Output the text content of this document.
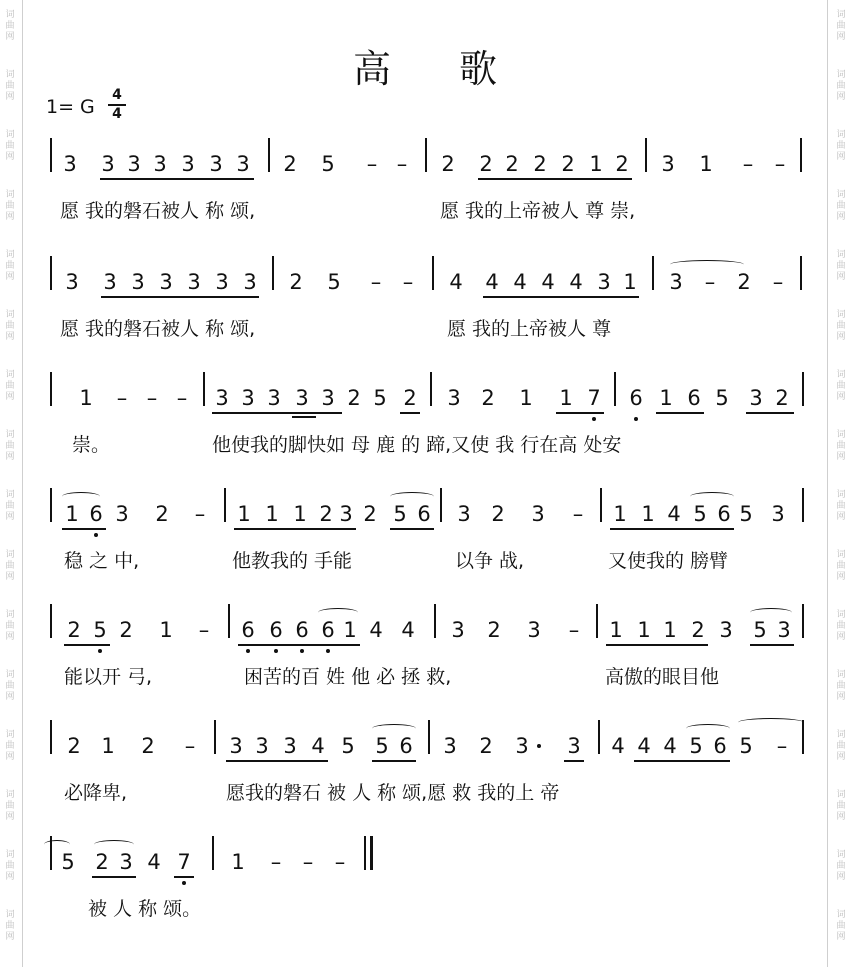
高 歌
1= G
4
4
3 3 3 3 3 3 3 2 5 – – 2 2 2 2 2 1 2 3 1 – –
愿 我的磐石被人 称 颂,	愿 我的上帝被人 尊 崇,
3 3 3 3 3 3 3 2 5 – – 4 4 4 4 4 3 1 3 – 2 –
愿 我的磐石被人 称 颂,	愿 我的上帝被人 尊
1 – – – 3 3 3 3 3 2 5 2 3 2 1 1 7 6 1 6 5 3 2
崇。	他使我的脚快如 母 鹿 的 蹄,又使 我 行在高 处安
1 6 3 2 – 1 1 1 2 3 2 5 6 3 2 3 – 1 1 4 5 6 5 3
稳 之 中,	他教我的 手能	以争 战,	又使我的 膀臂
2 5 2 1 – 6 6 6 6 1 4 4 3 2 3 – 1 1 1 2 3 5 3
能以开 弓,	困苦的百 姓 他 必 拯 救,	高傲的眼目他
2 1 2 – 3 3 3 4 5 5 6 3 2 3 3 4 4 4 5 6 5 –
必降卑,	愿我的磐石 被 人 称 颂,愿 救 我的上 帝
5 2 3 4 7 1 – – –
被 人 称 颂。
词
曲
网
词
曲
网
词
曲
网
词
曲
网
词
曲
网
词
曲
网
词
曲
网
词
曲
网
词
曲
网
词
曲
网
词
曲
网
词
曲
网
词
曲
网
词
曲
网
词
曲
网
词
曲
网
词
曲
网
词
曲
网
词
曲
网
词
曲
网
词
曲
网
词
曲
网
词
曲
网
词
曲
网
词
曲
网
词
曲
网
词
曲
网
词
曲
网
词
曲
网
词
曲
网
词
曲
网
词
曲
网
